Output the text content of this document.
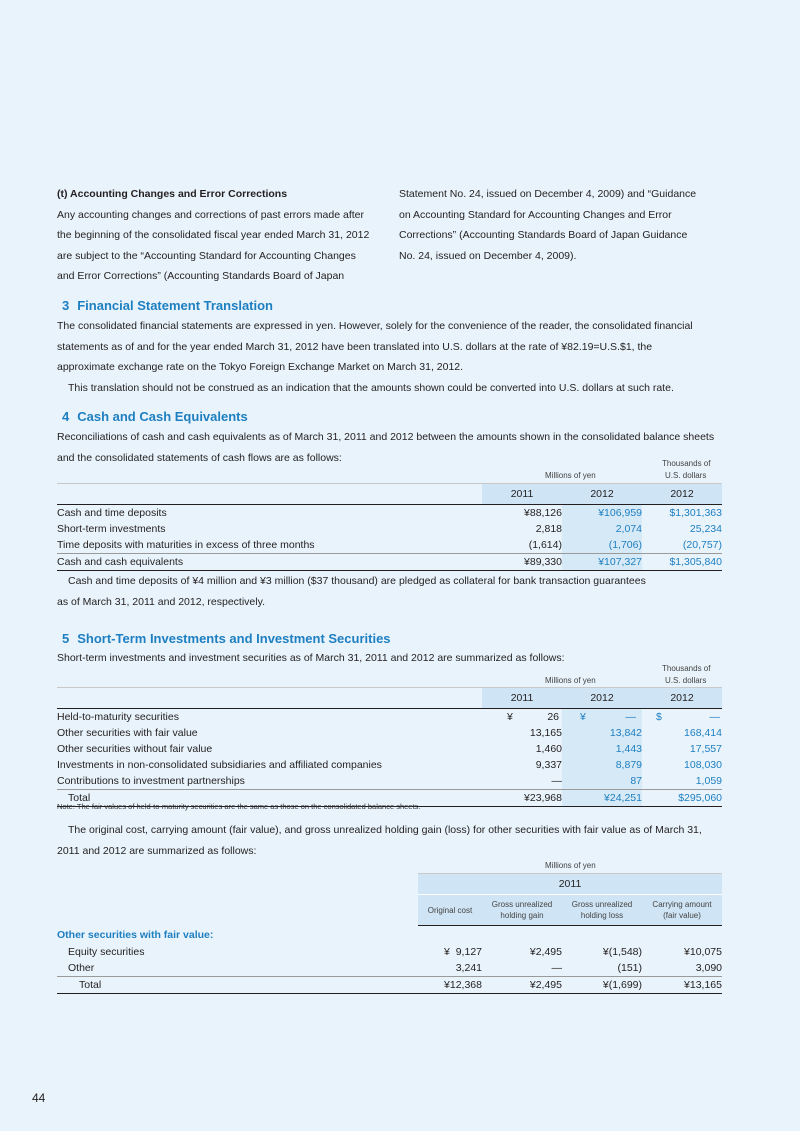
(t) Accounting Changes and Error Corrections

Any accounting changes and corrections of past errors made after

the beginning of the consolidated fiscal year ended March 31, 2012

are subject to the “Accounting Standard for Accounting Changes

and Error Corrections” (Accounting Standards Board of Japan

Statement No. 24, issued on December 4, 2009) and “Guidance

on Accounting Standard for Accounting Changes and Error

Corrections” (Accounting Standards Board of Japan Guidance

No. 24, issued on December 4, 2009).

3 Financial Statement Translation

The consolidated financial statements are expressed in yen. However, solely for the convenience of the reader, the consolidated financial

statements as of and for the year ended March 31, 2012 have been translated into U.S. dollars at the rate of ¥82.19=U.S.$1, the

approximate exchange rate on the Tokyo Foreign Exchange Market on March 31, 2012.

This translation should not be construed as an indication that the amounts shown could be converted into U.S. dollars at such rate.

4 Cash and Cash Equivalents

Reconciliations of cash and cash equivalents as of March 31, 2011 and 2012 between the amounts shown in the consolidated balance sheets

and the consolidated statements of cash flows are as follows:

Millions of yen
Thousands of
U.S. dollars
	2011	2012	2012
Cash and time deposits	¥88,126	¥106,959	$1,301,363
Short-term investments	2,818	2,074	25,234
Time deposits with maturities in excess of three months	(1,614)	(1,706)	(20,757)
Cash and cash equivalents	¥89,330	¥107,327	$1,305,840

Cash and time deposits of ¥4 million and ¥3 million ($37 thousand) are pledged as collateral for bank transaction guarantees

as of March 31, 2011 and 2012, respectively.

5 Short-Term Investments and Investment Securities

Short-term investments and investment securities as of March 31, 2011 and 2012 are summarized as follows:

Millions of yen
Thousands of
U.S. dollars
	2011	2012	2012
Held-to-maturity securities	¥ 26	¥ —	$ —
Other securities with fair value	13,165	13,842	168,414
Other securities without fair value	1,460	1,443	17,557
Investments in non-consolidated subsidiaries and affiliated companies	9,337	8,879	108,030
Contributions to investment partnerships	—	87	1,059
Total	¥23,968	¥24,251	$295,060
Note: The fair values of held-to-maturity securities are the same as those on the consolidated balance sheets.

The original cost, carrying amount (fair value), and gross unrealized holding gain (loss) for other securities with fair value as of March 31,

2011 and 2012 are summarized as follows:

Millions of yen
	2011			
	Original cost	Gross unrealized
holding gain	Gross unrealized
holding loss	Carrying amount
(fair value)
Other securities with fair value:				
Equity securities	¥  9,127	¥2,495	¥(1,548)	¥10,075
Other	3,241	—	(151)	3,090
Total	¥12,368	¥2,495	¥(1,699)	¥13,165
44
